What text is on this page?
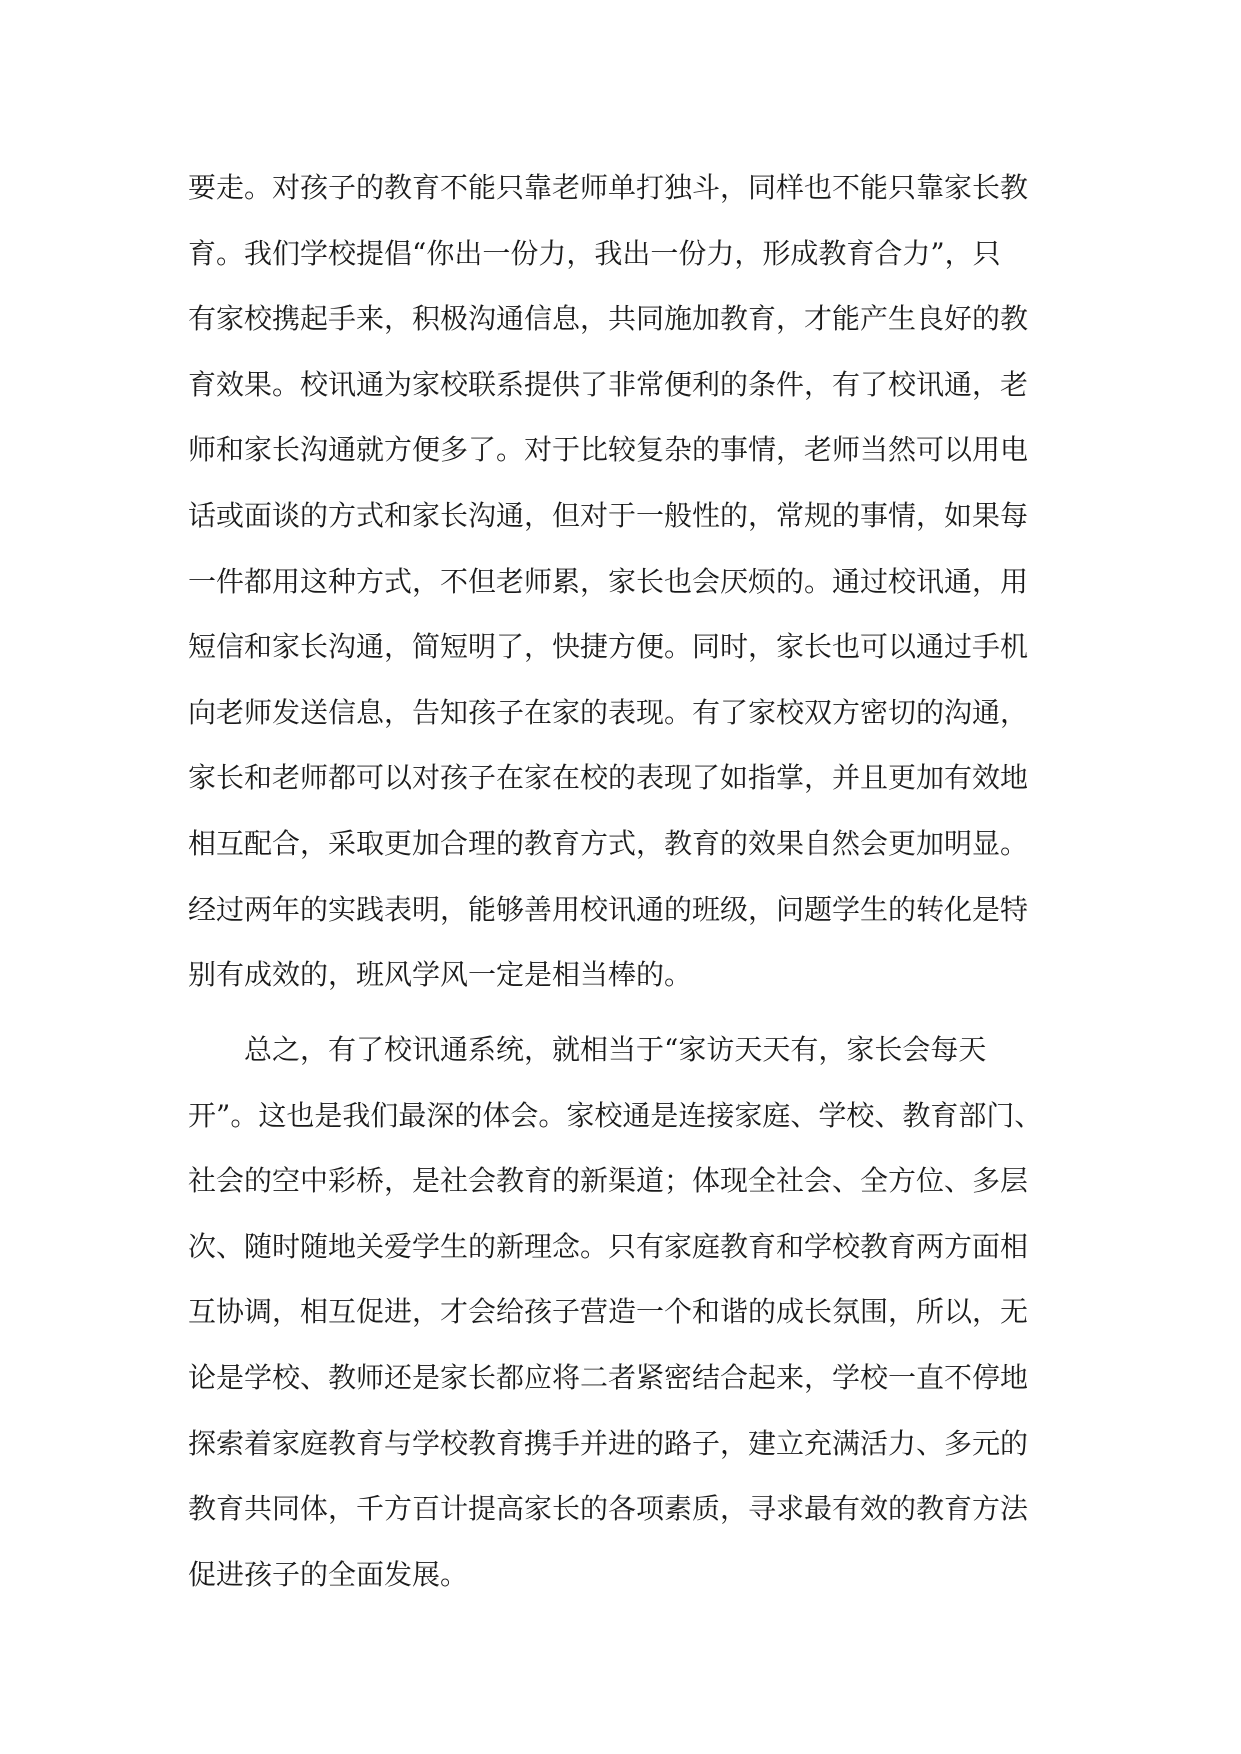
要走。对孩子的教育不能只靠老师单打独斗，同样也不能只靠家长教
育。我们学校提倡“你出一份力，我出一份力，形成教育合力”，只
有家校携起手来，积极沟通信息，共同施加教育，才能产生良好的教
育效果。校讯通为家校联系提供了非常便利的条件，有了校讯通，老
师和家长沟通就方便多了。对于比较复杂的事情，老师当然可以用电
话或面谈的方式和家长沟通，但对于一般性的，常规的事情，如果每
一件都用这种方式，不但老师累，家长也会厌烦的。通过校讯通，用
短信和家长沟通，简短明了，快捷方便。同时，家长也可以通过手机
向老师发送信息，告知孩子在家的表现。有了家校双方密切的沟通，
家长和老师都可以对孩子在家在校的表现了如指掌，并且更加有效地
相互配合，采取更加合理的教育方式，教育的效果自然会更加明显。
经过两年的实践表明，能够善用校讯通的班级，问题学生的转化是特
别有成效的，班风学风一定是相当棒的。
　　总之，有了校讯通系统，就相当于“家访天天有，家长会每天
开”。这也是我们最深的体会。家校通是连接家庭、学校、教育部门、
社会的空中彩桥，是社会教育的新渠道；体现全社会、全方位、多层
次、随时随地关爱学生的新理念。只有家庭教育和学校教育两方面相
互协调，相互促进，才会给孩子营造一个和谐的成长氛围，所以，无
论是学校、教师还是家长都应将二者紧密结合起来，学校一直不停地
探索着家庭教育与学校教育携手并进的路子，建立充满活力、多元的
教育共同体，千方百计提高家长的各项素质，寻求最有效的教育方法
促进孩子的全面发展。
